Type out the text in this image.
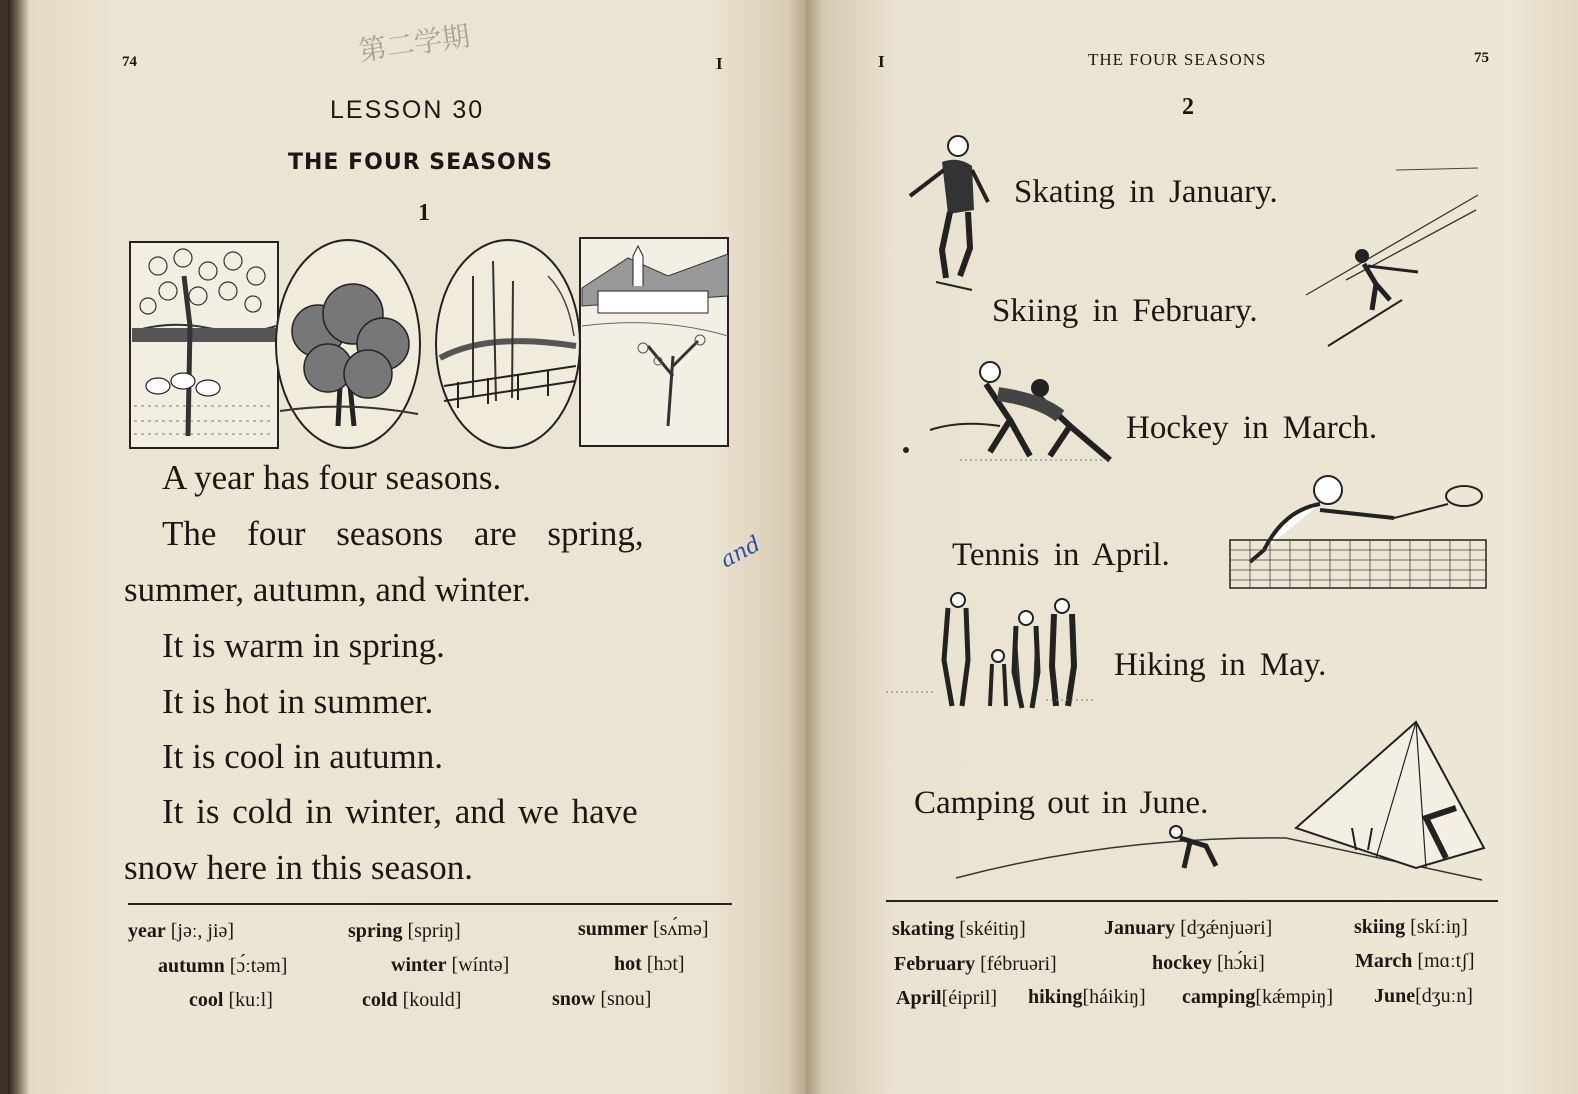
74	I
第二学期
LESSON 30
THE FOUR SEASONS
1
A year has four seasons.
The four seasons are spring,
summer, autumn, and winter.
It is warm in spring.
It is hot in summer.
It is cool in autumn.
It is cold in winter, and we have
snow here in this season.
and
year [jəː, jiə]	spring [spriŋ]	summer [sʌ́mə]
autumn [ɔ́ːtəm]	winter [wíntə]	hot [hɔt]
cool [kuːl]	cold [kould]	snow [snou]
I	THE FOUR SEASONS	75
2
Skating in January.
Skiing in February.
Hockey in March.
Tennis in April.
Hiking in May.
Camping out in June.
skating [skéitiŋ]	January [dʒǽnjuəri]	skiing [skíːiŋ]
February [fébruəri]	hockey [hɔ́ki]	March [mɑːtʃ]
April[éipril] hiking[háikiŋ] camping[kǽmpiŋ] June[dʒuːn]
